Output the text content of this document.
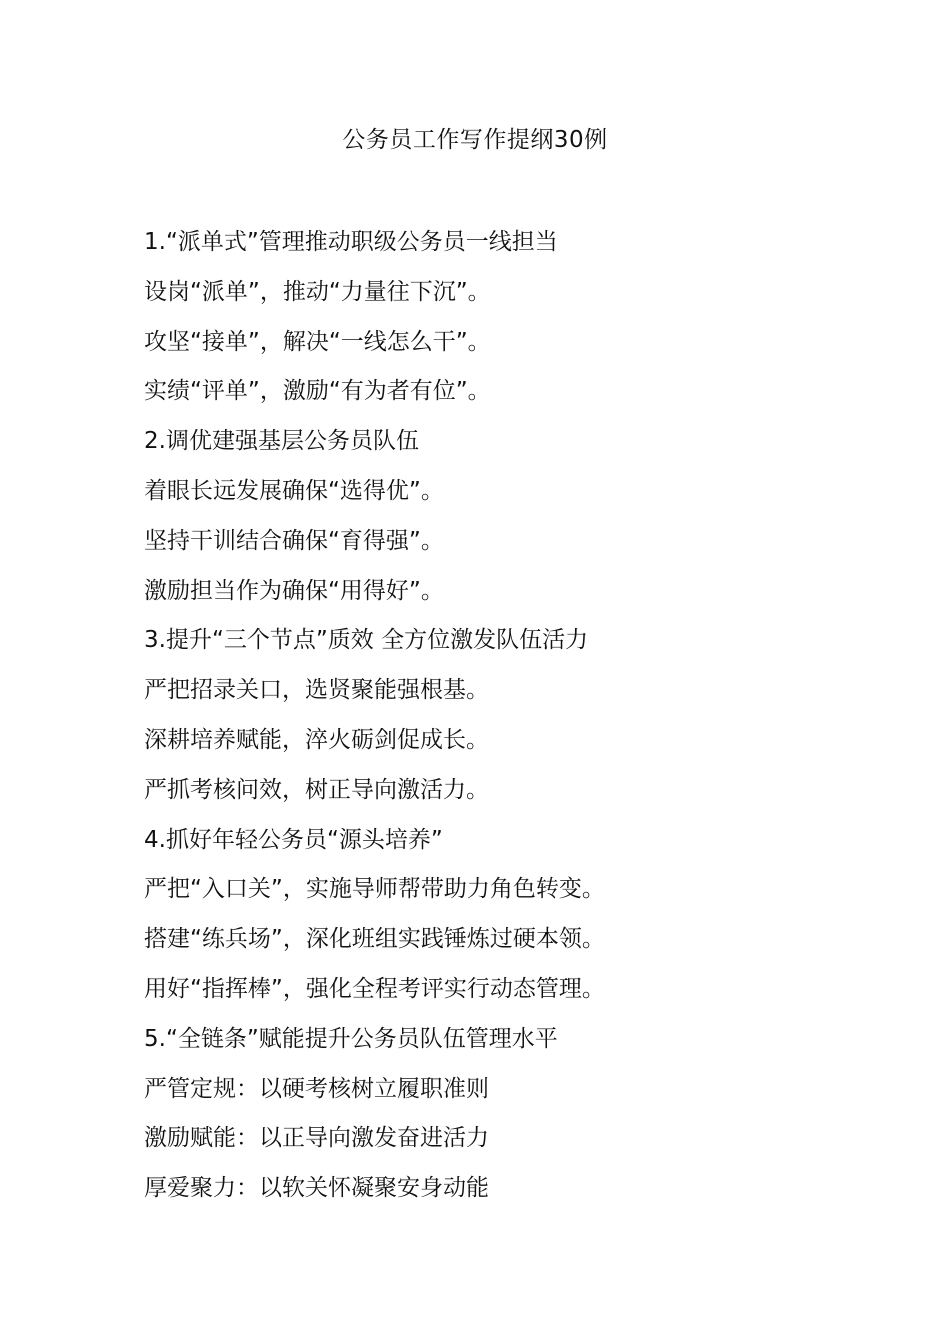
公务员工作写作提纲30例

1.“派单式”管理推动职级公务员一线担当

设岗“派单”，推动“力量往下沉”。

攻坚“接单”，解决“一线怎么干”。

实绩“评单”，激励“有为者有位”。

2.调优建强基层公务员队伍

着眼长远发展确保“选得优”。

坚持干训结合确保“育得强”。

激励担当作为确保“用得好”。

3.提升“三个节点”质效 全方位激发队伍活力

严把招录关口，选贤聚能强根基。

深耕培养赋能，淬火砺剑促成长。

严抓考核问效，树正导向激活力。

4.抓好年轻公务员“源头培养”

严把“入口关”，实施导师帮带助力角色转变。

搭建“练兵场”，深化班组实践锤炼过硬本领。

用好“指挥棒”，强化全程考评实行动态管理。

5.“全链条”赋能提升公务员队伍管理水平

严管定规：以硬考核树立履职准则

激励赋能：以正导向激发奋进活力

厚爱聚力：以软关怀凝聚安身动能
